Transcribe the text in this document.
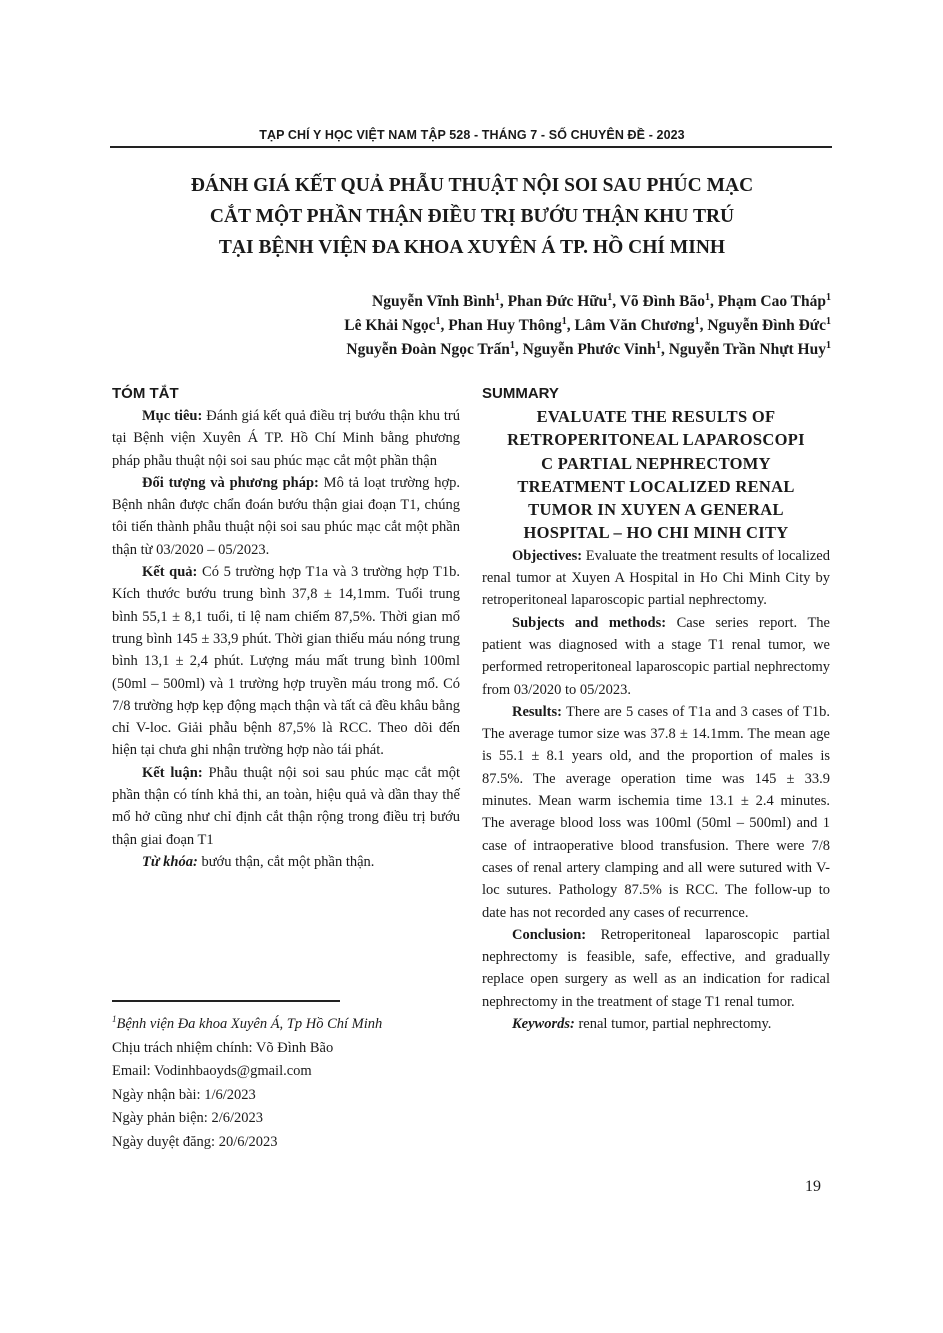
TẠP CHÍ Y HỌC VIỆT NAM TẬP 528 - THÁNG 7 - SỐ CHUYÊN ĐỀ - 2023
ĐÁNH GIÁ KẾT QUẢ PHẪU THUẬT NỘI SOI SAU PHÚC MẠC
CẮT MỘT PHẦN THẬN ĐIỀU TRỊ BƯỚU THẬN KHU TRÚ
TẠI BỆNH VIỆN ĐA KHOA XUYÊN Á TP. HỒ CHÍ MINH
Nguyễn Vĩnh Bình$^1$, Phan Đức Hữu$^1$, Võ Đình Bão$^1$, Phạm Cao Tháp$^1$
Lê Khải Ngọc$^1$, Phan Huy Thông$^1$, Lâm Văn Chương$^1$, Nguyễn Đình Đức$^1$
Nguyễn Đoàn Ngọc Trấn$^1$, Nguyễn Phước Vinh$^1$, Nguyễn Trần Nhựt Huy$^1$
TÓM TẮT

Mục tiêu: Đánh giá kết quả điều trị bướu thận khu trú tại Bệnh viện Xuyên Á TP. Hồ Chí Minh bằng phương pháp phẫu thuật nội soi sau phúc mạc cắt một phần thận

Đối tượng và phương pháp: Mô tả loạt trường hợp. Bệnh nhân được chẩn đoán bướu thận giai đoạn T1, chúng tôi tiến thành phẫu thuật nội soi sau phúc mạc cắt một phần thận từ 03/2020 – 05/2023.

Kết quả: Có 5 trường hợp T1a và 3 trường hợp T1b. Kích thước bướu trung bình 37,8 ± 14,1mm. Tuổi trung bình 55,1 ± 8,1 tuổi, tỉ lệ nam chiếm 87,5%. Thời gian mổ trung bình 145 ± 33,9 phút. Thời gian thiếu máu nóng trung bình 13,1 ± 2,4 phút. Lượng máu mất trung bình 100ml (50ml – 500ml) và 1 trường hợp truyền máu trong mổ. Có 7/8 trường hợp kẹp động mạch thận và tất cả đều khâu bằng chỉ V-loc. Giải phẫu bệnh 87,5% là RCC. Theo dõi đến hiện tại chưa ghi nhận trường hợp nào tái phát.

Kết luận: Phẫu thuật nội soi sau phúc mạc cắt một phần thận có tính khả thi, an toàn, hiệu quả và dần thay thế mổ hở cũng như chỉ định cắt thận rộng trong điều trị bướu thận giai đoạn T1

Từ khóa: bướu thận, cắt một phần thận.

$^1$Bệnh viện Đa khoa Xuyên Á, Tp Hồ Chí Minh
Chịu trách nhiệm chính: Võ Đình Bão
Email: Vodinhbaoyds@gmail.com
Ngày nhận bài: 1/6/2023
Ngày phản biện: 2/6/2023
Ngày duyệt đăng: 20/6/2023
SUMMARY
EVALUATE THE RESULTS OF
RETROPERITONEAL LAPAROSCOPI
C PARTIAL NEPHRECTOMY
TREATMENT LOCALIZED RENAL
TUMOR IN XUYEN A GENERAL
HOSPITAL – HO CHI MINH CITY

Objectives: Evaluate the treatment results of localized renal tumor at Xuyen A Hospital in Ho Chi Minh City by retroperitoneal laparoscopic partial nephrectomy.

Subjects and methods: Case series report. The patient was diagnosed with a stage T1 renal tumor, we performed retroperitoneal laparoscopic partial nephrectomy from 03/2020 to 05/2023.

Results: There are 5 cases of T1a and 3 cases of T1b. The average tumor size was 37.8 ± 14.1mm. The mean age is 55.1 ± 8.1 years old, and the proportion of males is 87.5%. The average operation time was 145 ± 33.9 minutes. Mean warm ischemia time 13.1 ± 2.4 minutes. The average blood loss was 100ml (50ml – 500ml) and 1 case of intraoperative blood transfusion. There were 7/8 cases of renal artery clamping and all were sutured with V-loc sutures. Pathology 87.5% is RCC. The follow-up to date has not recorded any cases of recurrence.

Conclusion: Retroperitoneal laparoscopic partial nephrectomy is feasible, safe, effective, and gradually replace open surgery as well as an indication for radical nephrectomy in the treatment of stage T1 renal tumor.

Keywords: renal tumor, partial nephrectomy.

19
